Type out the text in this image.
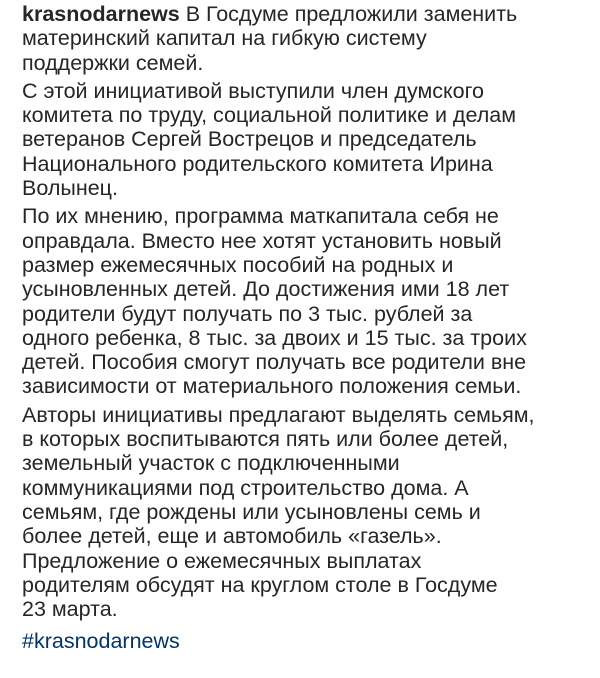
krasnodarnews В Госдуме предложили заменить
материнский капитал на гибкую систему
поддержки семей.

С этой инициативой выступили член думского
комитета по труду, социальной политике и делам
ветеранов Сергей Вострецов и председатель
Национального родительского комитета Ирина
Волынец.

По их мнению, программа маткапитала себя не
оправдала. Вместо нее хотят установить новый
размер ежемесячных пособий на родных и
усыновленных детей. До достижения ими 18 лет
родители будут получать по 3 тыс. рублей за
одного ребенка, 8 тыс. за двоих и 15 тыс. за троих
детей. Пособия смогут получать все родители вне
зависимости от материального положения семьи.

Авторы инициативы предлагают выделять семьям,
в которых воспитываются пять или более детей,
земельный участок с подключенными
коммуникациями под строительство дома. А
семьям, где рождены или усыновлены семь и
более детей, еще и автомобиль «газель».
Предложение о ежемесячных выплатах
родителям обсудят на круглом столе в Госдуме
23 марта.

#krasnodarnews
